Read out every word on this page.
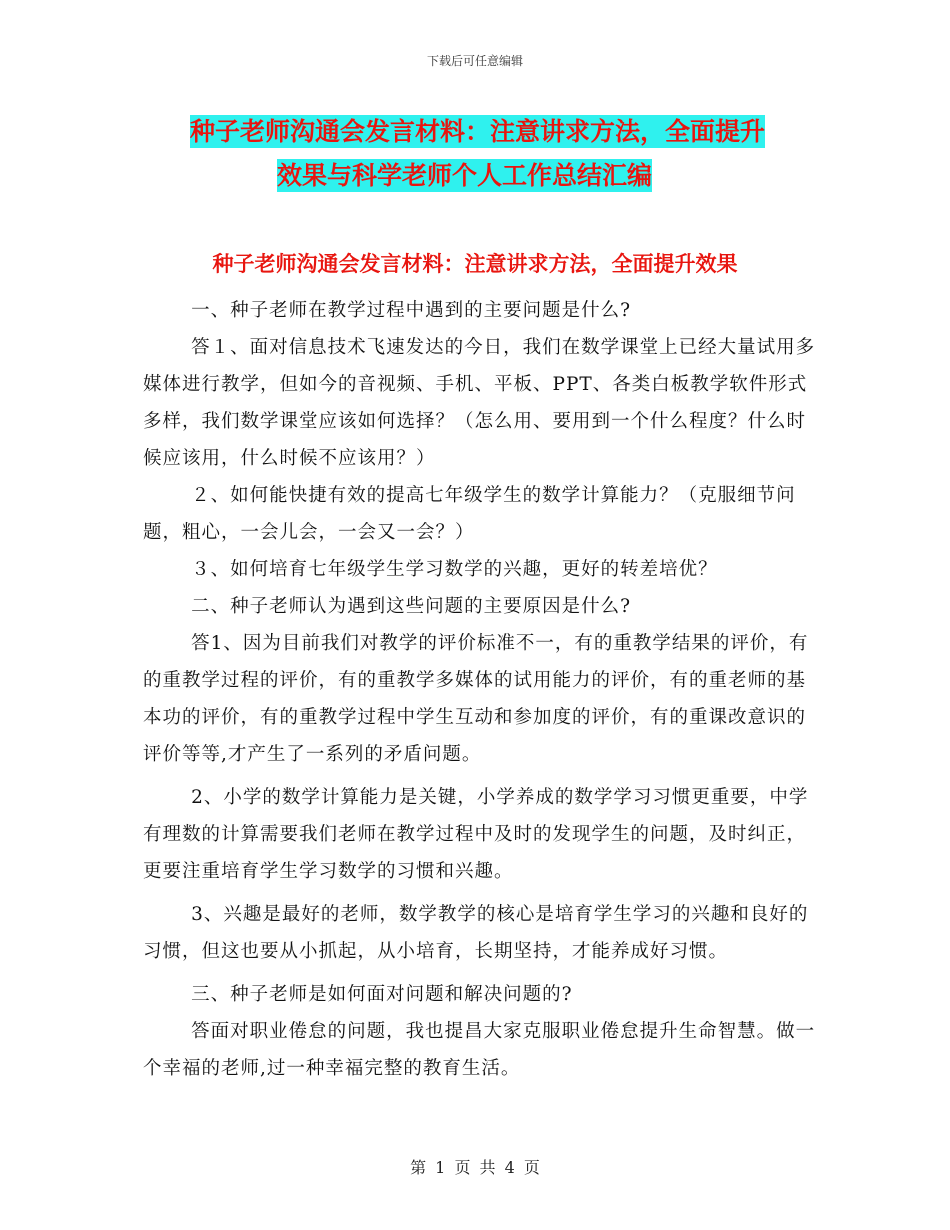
下载后可任意编辑
种子老师沟通会发言材料：注意讲求方法，全面提升
效果与科学老师个人工作总结汇编
种子老师沟通会发言材料：注意讲求方法，全面提升效果

一、种子老师在教学过程中遇到的主要问题是什么?

答１、面对信息技术飞速发达的今日，我们在数学课堂上已经大量试用多媒体进行教学，但如今的音视频、手机、平板、PPT、各类白板教学软件形式多样，我们数学课堂应该如何选择？（怎么用、要用到一个什么程度？什么时候应该用，什么时候不应该用？）

２、如何能快捷有效的提高七年级学生的数学计算能力？（克服细节问题，粗心，一会儿会，一会又一会？）

３、如何培育七年级学生学习数学的兴趣，更好的转差培优？

二、种子老师认为遇到这些问题的主要原因是什么?

答1、因为目前我们对教学的评价标准不一，有的重教学结果的评价，有的重教学过程的评价，有的重教学多媒体的试用能力的评价，有的重老师的基本功的评价，有的重教学过程中学生互动和参加度的评价，有的重课改意识的评价等等,才产生了一系列的矛盾问题。

2、小学的数学计算能力是关键，小学养成的数学学习习惯更重要，中学有理数的计算需要我们老师在教学过程中及时的发现学生的问题，及时纠正，更要注重培育学生学习数学的习惯和兴趣。

3、兴趣是最好的老师，数学教学的核心是培育学生学习的兴趣和良好的习惯，但这也要从小抓起，从小培育，长期坚持，才能养成好习惯。

三、种子老师是如何面对问题和解决问题的?

答面对职业倦怠的问题，我也提昌大家克服职业倦怠提升生命智慧。做一个幸福的老师,过一种幸福完整的教育生活。

第 1 页 共 4 页
